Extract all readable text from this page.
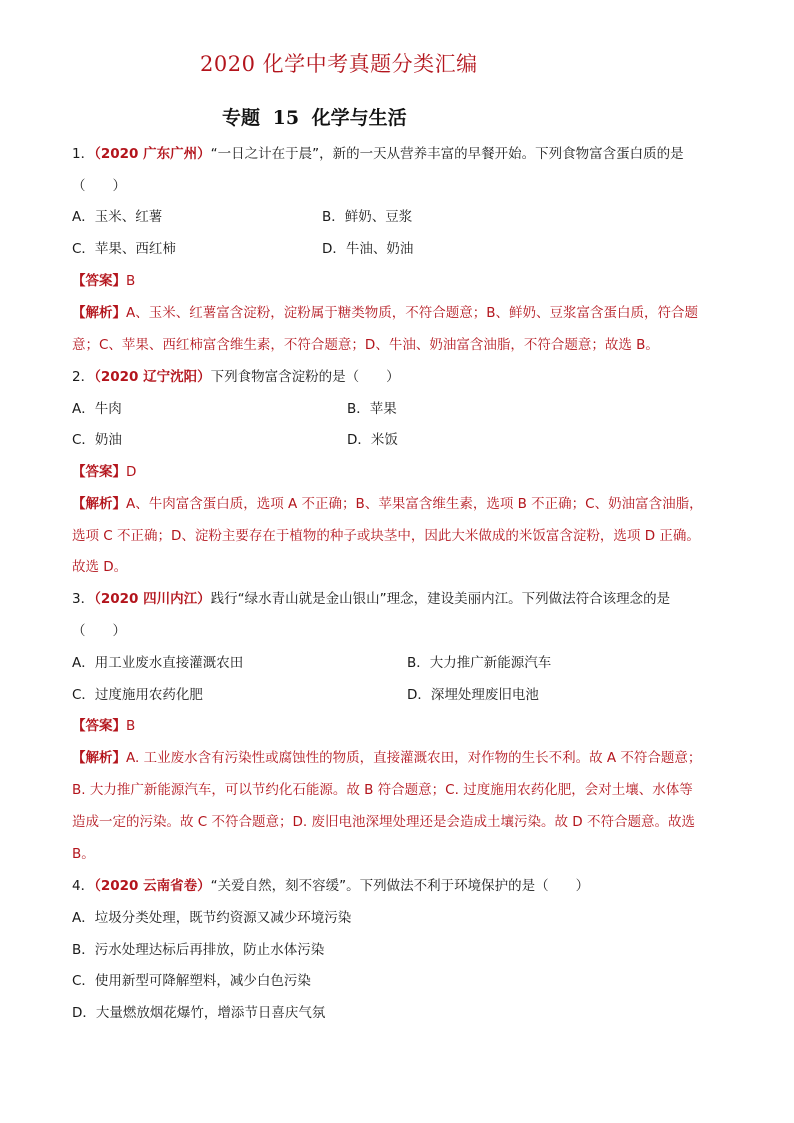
2020 化学中考真题分类汇编
专题 15 化学与生活
1．（2020 广东广州）“一日之计在于晨”，新的一天从营养丰富的早餐开始。下列食物富含蛋白质的是
（　　）
A．玉米、红薯	B．鲜奶、豆浆
C．苹果、西红柿	D．牛油、奶油
【答案】B
【解析】A、玉米、红薯富含淀粉，淀粉属于糖类物质，不符合题意；B、鲜奶、豆浆富含蛋白质，符合题
意；C、苹果、西红柿富含维生素，不符合题意；D、牛油、奶油富含油脂，不符合题意；故选 B。
2．（2020 辽宁沈阳）下列食物富含淀粉的是（　　）
A．牛肉	B．苹果
C．奶油	D．米饭
【答案】D
【解析】A、牛肉富含蛋白质，选项 A 不正确；B、苹果富含维生素，选项 B 不正确；C、奶油富含油脂，
选项 C 不正确；D、淀粉主要存在于植物的种子或块茎中，因此大米做成的米饭富含淀粉，选项 D 正确。
故选 D。
3．（2020 四川内江）践行“绿水青山就是金山银山”理念，建设美丽内江。下列做法符合该理念的是
（　　）
A．用工业废水直接灌溉农田	B．大力推广新能源汽车
C．过度施用农药化肥	D．深埋处理废旧电池
【答案】B
【解析】A. 工业废水含有污染性或腐蚀性的物质，直接灌溉农田，对作物的生长不利。故 A 不符合题意；
B. 大力推广新能源汽车，可以节约化石能源。故 B 符合题意；C. 过度施用农药化肥，会对土壤、水体等
造成一定的污染。故 C 不符合题意；D. 废旧电池深埋处理还是会造成土壤污染。故 D 不符合题意。故选
B。
4．（2020 云南省卷）“关爱自然，刻不容缓”。下列做法不利于环境保护的是（　　）
A．垃圾分类处理，既节约资源又减少环境污染
B．污水处理达标后再排放，防止水体污染
C．使用新型可降解塑料，减少白色污染
D．大量燃放烟花爆竹，增添节日喜庆气氛
